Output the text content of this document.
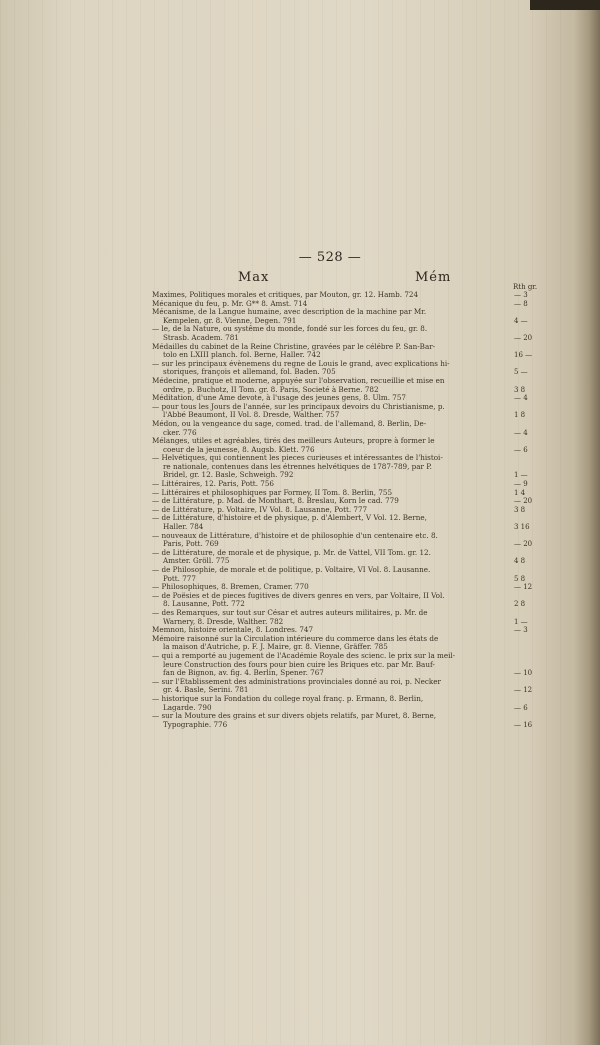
— 528 —
Max	Mém
Rth gr.
Maximes, Politiques morales et critiques, par Mouton, gr. 12. Hamb. 724	— 3
Mécanique du feu, p. Mr. G** 8. Amst. 714	— 8
Mécanisme, de la Langue humaine, avec description de la machine par Mr.
Kempelen, gr. 8. Vienne, Degen. 791	4 —
— le, de la Nature, ou systême du monde, fondé sur les forces du feu, gr. 8.
Strasb. Academ. 781	— 20
Médailles du cabinet de la Reine Christine, gravées par le célébre P. San-Bar-
tolo en LXIII planch. fol. Berne, Haller. 742	16 —
— sur les principaux évènemens du regne de Louis le grand, avec explications hi-
storiques, françois et allemand, fol. Baden. 705	5 —
Médecine, pratique et moderne, appuyée sur l'observation, recueillie et mise en
ordre, p. Buchotz, II Tom. gr. 8. Paris, Societé à Berne. 782	3 8
Méditation, d'une Ame devote, à l'usage des jeunes gens, 8. Ulm. 757	— 4
— pour tous les Jours de l'année, sur les principaux devoirs du Christianisme, p.
l'Abbé Beaumont, II Vol. 8. Dresde, Walther. 757	1 8
Médon, ou la vengeance du sage, comed. trad. de l'allemand, 8. Berlin, De-
cker. 776	— 4
Mélanges, utiles et agréables, tirés des meilleurs Auteurs, propre à former le
coeur de la jeunesse, 8. Augsb. Klett. 776	— 6
— Helvétiques, qui contiennent les pieces curieuses et intéressantes de l'histoi-
re nationale, contenues dans les étrennes helvétiques de 1787-789, par P.
Bridel, gr. 12. Basle, Schweigh. 792	1 —
— Littéraires, 12. Paris, Pott. 756	— 9
— Littéraires et philosophiques par Formey, II Tom. 8. Berlin, 755	1 4
— de Littérature, p. Mad. de Monthart, 8. Breslau, Korn le cad. 779	— 20
— de Littérature, p. Voltaire, IV Vol. 8. Lausanne, Pott. 777	3 8
— de Littérature, d'histoire et de physique, p. d'Alembert, V Vol. 12. Berne,
Haller. 784	3 16
— nouveaux de Littérature, d'histoire et de philosophie d'un centenaire etc. 8.
Paris, Pott. 769	— 20
— de Littérature, de morale et de physique, p. Mr. de Vattel, VII Tom. gr. 12.
Amster. Gröll. 775	4 8
— de Philosophie, de morale et de politique, p. Voltaire, VI Vol. 8. Lausanne.
Pott. 777	5 8
— Philosophiques, 8. Bremen, Cramer. 770	— 12
— de Poësies et de pieces fugitives de divers genres en vers, par Voltaire, II Vol.
8. Lausanne, Pott. 772	2 8
— des Remarques, sur tout sur César et autres auteurs militaires, p. Mr. de
Warnery, 8. Dresde, Walther. 782	1 —
Memnon, histoire orientale, 8. Londres. 747	— 3
Mémoire raisonné sur la Circulation intérieure du commerce dans les états de
la maison d'Autriche, p. F. J. Maire, gr. 8. Vienne, Gräffer. 785
— qui a remporté au jugement de l'Académie Royale des scienc. le prix sur la meil-
leure Construction des fours pour bien cuire les Briques etc. par Mr. Bauf-
fan de Bignon, av. fig. 4. Berlin, Spener. 767	— 10
— sur l'Etablissement des administrations provinciales donné au roi, p. Necker
gr. 4. Basle, Serini. 781	— 12
— historique sur la Fondation du college royal franç. p. Ermann, 8. Berlin,
Lagarde. 790	— 6
— sur la Mouture des grains et sur divers objets relatifs, par Muret, 8. Berne,
Typographie. 776	— 16
